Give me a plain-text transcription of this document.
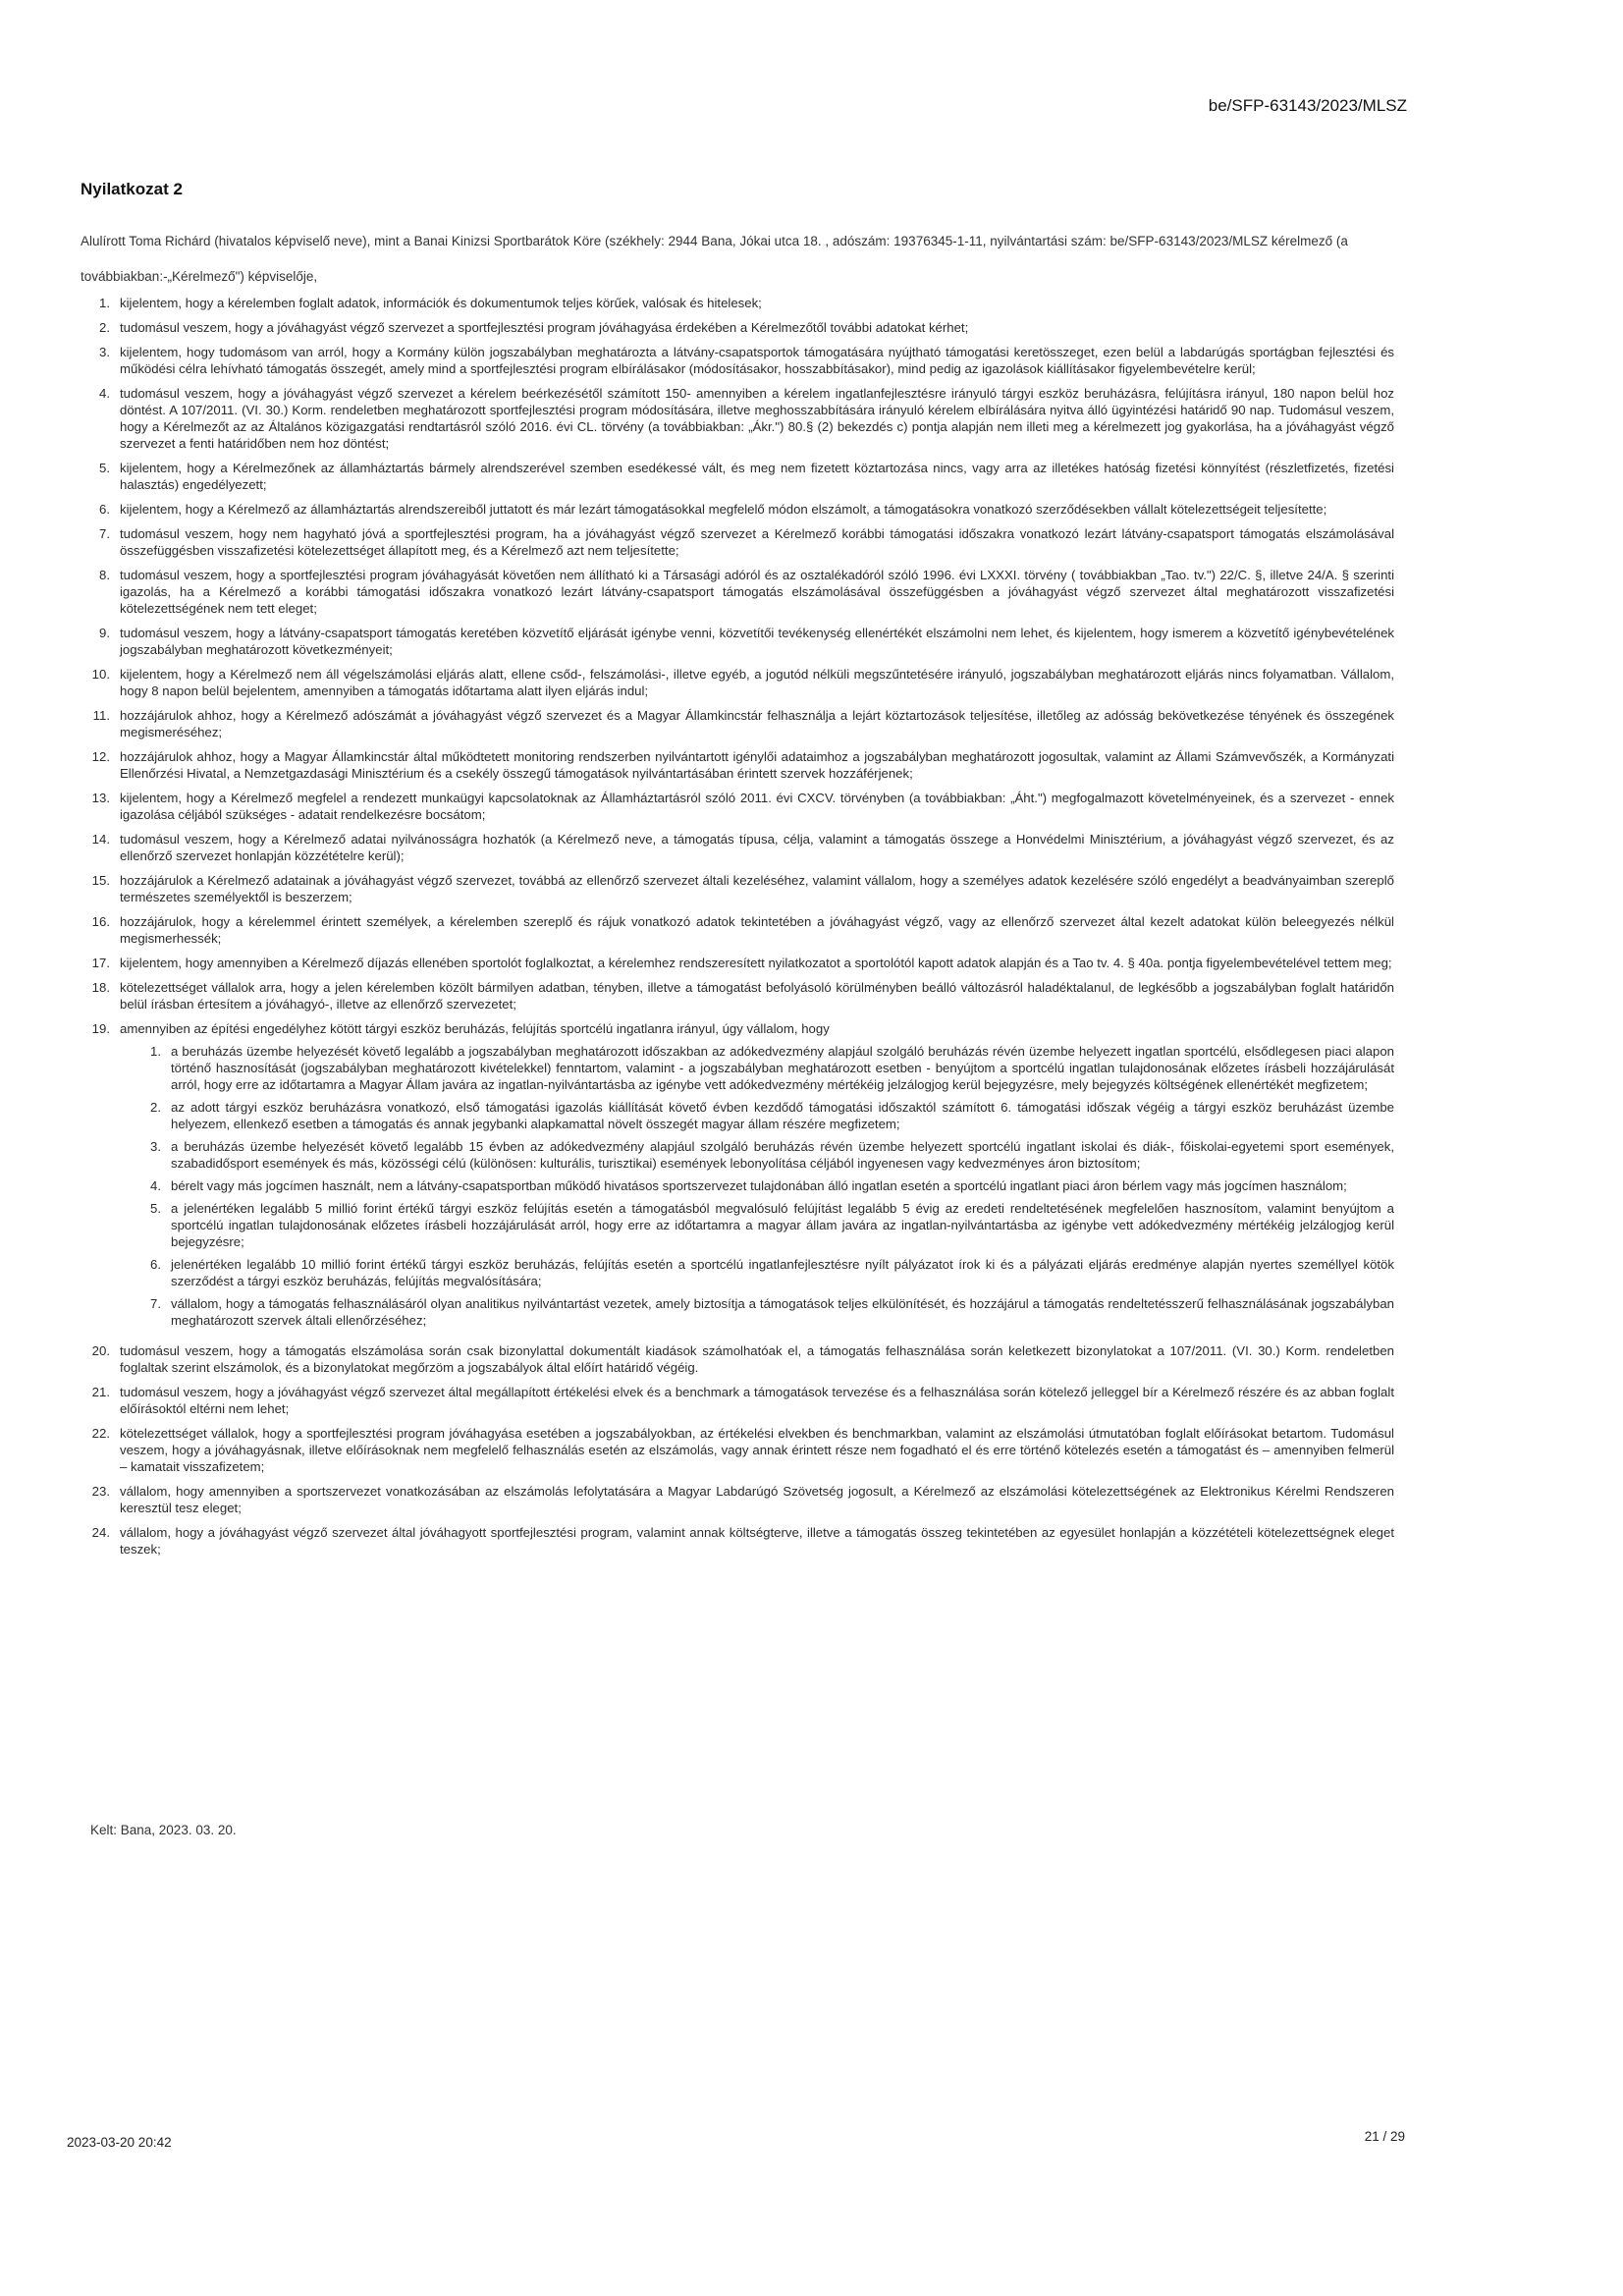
be/SFP-63143/2023/MLSZ
Nyilatkozat 2
Alulírott Toma Richárd (hivatalos képviselő neve), mint a Banai Kinizsi Sportbarátok Köre (székhely: 2944 Bana, Jókai utca 18. , adószám: 19376345-1-11, nyilvántartási szám: be/SFP-63143/2023/MLSZ kérelmező (a továbbiakban:-„Kérelmező") képviselője,
1. kijelentem, hogy a kérelemben foglalt adatok, információk és dokumentumok teljes körűek, valósak és hitelesek;
2. tudomásul veszem, hogy a jóváhagyást végző szervezet a sportfejlesztési program jóváhagyása érdekében a Kérelmezőtől további adatokat kérhet;
3. kijelentem, hogy tudomásom van arról, hogy a Kormány külön jogszabályban meghatározta a látvány-csapatsportok támogatására nyújtható támogatási keretösszeget, ezen belül a labdarúgás sportágban fejlesztési és működési célra lehívható támogatás összegét, amely mind a sportfejlesztési program elbírálásakor (módosításakor, hosszabbításakor), mind pedig az igazolások kiállításakor figyelembevételre kerül;
4. tudomásul veszem, hogy a jóváhagyást végző szervezet a kérelem beérkezésétől számított 150- amennyiben a kérelem ingatlanfejlesztésre irányuló tárgyi eszköz beruházásra, felújításra irányul, 180 napon belül hoz döntést. A 107/2011. (VI. 30.) Korm. rendeletben meghatározott sportfejlesztési program módosítására, illetve meghosszabbítására irányuló kérelem elbírálására nyitva álló ügyintézési határidő 90 nap. Tudomásul veszem, hogy a Kérelmezőt az az Általános közigazgatási rendtartásról szóló 2016. évi CL. törvény (a továbbiakban: „Ákr.") 80.§ (2) bekezdés c) pontja alapján nem illeti meg a kérelmezett jog gyakorlása, ha a jóváhagyást végző szervezet a fenti határidőben nem hoz döntést;
5. kijelentem, hogy a Kérelmezőnek az államháztartás bármely alrendszerével szemben esedékessé vált, és meg nem fizetett köztartozása nincs, vagy arra az illetékes hatóság fizetési könnyítést (részletfizetés, fizetési halasztás) engedélyezett;
6. kijelentem, hogy a Kérelmező az államháztartás alrendszereiből juttatott és már lezárt támogatásokkal megfelelő módon elszámolt, a támogatásokra vonatkozó szerződésekben vállalt kötelezettségeit teljesítette;
7. tudomásul veszem, hogy nem hagyható jóvá a sportfejlesztési program, ha a jóváhagyást végző szervezet a Kérelmező korábbi támogatási időszakra vonatkozó lezárt látvány-csapatsport támogatás elszámolásával összefüggésben visszafizetési kötelezettséget állapított meg, és a Kérelmező azt nem teljesítette;
8. tudomásul veszem, hogy a sportfejlesztési program jóváhagyását követően nem állítható ki a Társasági adóról és az osztalékadóról szóló 1996. évi LXXXI. törvény ( továbbiakban „Tao. tv.") 22/C. §, illetve 24/A. § szerinti igazolás, ha a Kérelmező a korábbi támogatási időszakra vonatkozó lezárt látvány-csapatsport támogatás elszámolásával összefüggésben a jóváhagyást végző szervezet által meghatározott visszafizetési kötelezettségének nem tett eleget;
9. tudomásul veszem, hogy a látvány-csapatsport támogatás keretében közvetítő eljárását igénybe venni, közvetítői tevékenység ellenértékét elszámolni nem lehet, és kijelentem, hogy ismerem a közvetítő igénybevételének jogszabályban meghatározott következményeit;
10. kijelentem, hogy a Kérelmező nem áll végelszámolási eljárás alatt, ellene csőd-, felszámolási-, illetve egyéb, a jogutód nélküli megszűntetésére irányuló, jogszabályban meghatározott eljárás nincs folyamatban. Vállalom, hogy 8 napon belül bejelentem, amennyiben a támogatás időtartama alatt ilyen eljárás indul;
11. hozzájárulok ahhoz, hogy a Kérelmező adószámát a jóváhagyást végző szervezet és a Magyar Államkincstár felhasználja a lejárt köztartozások teljesítése, illetőleg az adósság bekövetkezése tényének és összegének megismeréséhez;
12. hozzájárulok ahhoz, hogy a Magyar Államkincstár által működtetett monitoring rendszerben nyilvántartott igénylői adataimhoz a jogszabályban meghatározott jogosultak, valamint az Állami Számvevőszék, a Kormányzati Ellenőrzési Hivatal, a Nemzetgazdasági Minisztérium és a csekély összegű támogatások nyilvántartásában érintett szervek hozzáférjenek;
13. kijelentem, hogy a Kérelmező megfelel a rendezett munkaügyi kapcsolatoknak az Államháztartásról szóló 2011. évi CXCV. törvényben (a továbbiakban: „Áht.") megfogalmazott követelményeinek, és a szervezet - ennek igazolása céljából szükséges - adatait rendelkezésre bocsátom;
14. tudomásul veszem, hogy a Kérelmező adatai nyilvánosságra hozhatók (a Kérelmező neve, a támogatás típusa, célja, valamint a támogatás összege a Honvédelmi Minisztérium, a jóváhagyást végző szervezet, és az ellenőrző szervezet honlapján közzétételre kerül);
15. hozzájárulok a Kérelmező adatainak a jóváhagyást végző szervezet, továbbá az ellenőrző szervezet általi kezeléséhez, valamint vállalom, hogy a személyes adatok kezelésére szóló engedélyt a beadványaimban szereplő természetes személyektől is beszerzem;
16. hozzájárulok, hogy a kérelemmel érintett személyek, a kérelemben szereplő és rájuk vonatkozó adatok tekintetében a jóváhagyást végző, vagy az ellenőrző szervezet által kezelt adatokat külön beleegyezés nélkül megismerhessék;
17. kijelentem, hogy amennyiben a Kérelmező díjazás ellenében sportolót foglalkoztat, a kérelemhez rendszeresített nyilatkozatot a sportolótól kapott adatok alapján és a Tao tv. 4. § 40a. pontja figyelembevételével tettem meg;
18. kötelezettséget vállalok arra, hogy a jelen kérelemben közölt bármilyen adatban, tényben, illetve a támogatást befolyásoló körülményben beálló változásról haladéktalanul, de legkésőbb a jogszabályban foglalt határidőn belül írásban értesítem a jóváhagyó-, illetve az ellenőrző szervezetet;
19. amennyiben az építési engedélyhez kötött tárgyi eszköz beruházás, felújítás sportcélú ingatlanra irányul, úgy vállalom, hogy
1. a beruházás üzembe helyezését követő legalább a jogszabályban meghatározott időszakban az adókedvezmény alapjául szolgáló beruházás révén üzembe helyezett ingatlan sportcélú, elsődlegesen piaci alapon történő hasznosítását (jogszabályban meghatározott kivételekkel) fenntartom, valamint - a jogszabályban meghatározott esetben - benyújtom a sportcélú ingatlan tulajdonosának előzetes írásbeli hozzájárulását arról, hogy erre az időtartamra a Magyar Állam javára az ingatlan-nyilvántartásba az igénybe vett adókedvezmény mértékéig jelzálogjog kerül bejegyzésre, mely bejegyzés költségének ellenértékét megfizetem;
2. az adott tárgyi eszköz beruházásra vonatkozó, első támogatási igazolás kiállítását követő évben kezdődő támogatási időszaktól számított 6. támogatási időszak végéig a tárgyi eszköz beruházást üzembe helyezem, ellenkező esetben a támogatás és annak jegybanki alapkamattal növelt összegét magyar állam részére megfizetem;
3. a beruházás üzembe helyezését követő legalább 15 évben az adókedvezmény alapjául szolgáló beruházás révén üzembe helyezett sportcélú ingatlant iskolai és diák-, főiskolai-egyetemi sport események, szabadidősport események és más, közösségi célú (különösen: kulturális, turisztikai) események lebonyolítása céljából ingyenesen vagy kedvezményes áron biztosítom;
4. bérelt vagy más jogcímen használt, nem a látvány-csapatsportban működő hivatásos sportszervezet tulajdonában álló ingatlan esetén a sportcélú ingatlant piaci áron bérlem vagy más jogcímen használom;
5. a jelenértéken legalább 5 millió forint értékű tárgyi eszköz felújítás esetén a támogatásból megvalósuló felújítást legalább 5 évig az eredeti rendeltetésének megfelelően hasznosítom, valamint benyújtom a sportcélú ingatlan tulajdonosának előzetes írásbeli hozzájárulását arról, hogy erre az időtartamra a magyar állam javára az ingatlan-nyilvántartásba az igénybe vett adókedvezmény mértékéig jelzálogjog kerül bejegyzésre;
6. jelenértéken legalább 10 millió forint értékű tárgyi eszköz beruházás, felújítás esetén a sportcélú ingatlanfejlesztésre nyílt pályázatot írok ki és a pályázati eljárás eredménye alapján nyertes személlyel kötök szerződést a tárgyi eszköz beruházás, felújítás megvalósítására;
7. vállalom, hogy a támogatás felhasználásáról olyan analitikus nyilvántartást vezetek, amely biztosítja a támogatások teljes elkülönítését, és hozzájárul a támogatás rendeltetésszerű felhasználásának jogszabályban meghatározott szervek általi ellenőrzéséhez;
20. tudomásul veszem, hogy a támogatás elszámolása során csak bizonylattal dokumentált kiadások számolhatóak el, a támogatás felhasználása során keletkezett bizonylatokat a 107/2011. (VI. 30.) Korm. rendeletben foglaltak szerint elszámolok, és a bizonylatokat megőrzöm a jogszabályok által előírt határidő végéig.
21. tudomásul veszem, hogy a jóváhagyást végző szervezet által megállapított értékelési elvek és a benchmark a támogatások tervezése és a felhasználása során kötelező jelleggel bír a Kérelmező részére és az abban foglalt előírásoktól eltérni nem lehet;
22. kötelezettséget vállalok, hogy a sportfejlesztési program jóváhagyása esetében a jogszabályokban, az értékelési elvekben és benchmarkban, valamint az elszámolási útmutatóban foglalt előírásokat betartom. Tudomásul veszem, hogy a jóváhagyásnak, illetve előírásoknak nem megfelelő felhasználás esetén az elszámolás, vagy annak érintett része nem fogadható el és erre történő kötelezés esetén a támogatást és – amennyiben felmerül – kamatait visszafizetem;
23. vállalom, hogy amennyiben a sportszervezet vonatkozásában az elszámolás lefolytatására a Magyar Labdarúgó Szövetség jogosult, a Kérelmező az elszámolási kötelezettségének az Elektronikus Kérelmi Rendszeren keresztül tesz eleget;
24. vállalom, hogy a jóváhagyást végző szervezet által jóváhagyott sportfejlesztési program, valamint annak költségterve, illetve a támogatás összeg tekintetében az egyesület honlapján a közzétételi kötelezettségnek eleget teszek;
Kelt: Bana, 2023. 03. 20.
2023-03-20 20:42	21 / 29
